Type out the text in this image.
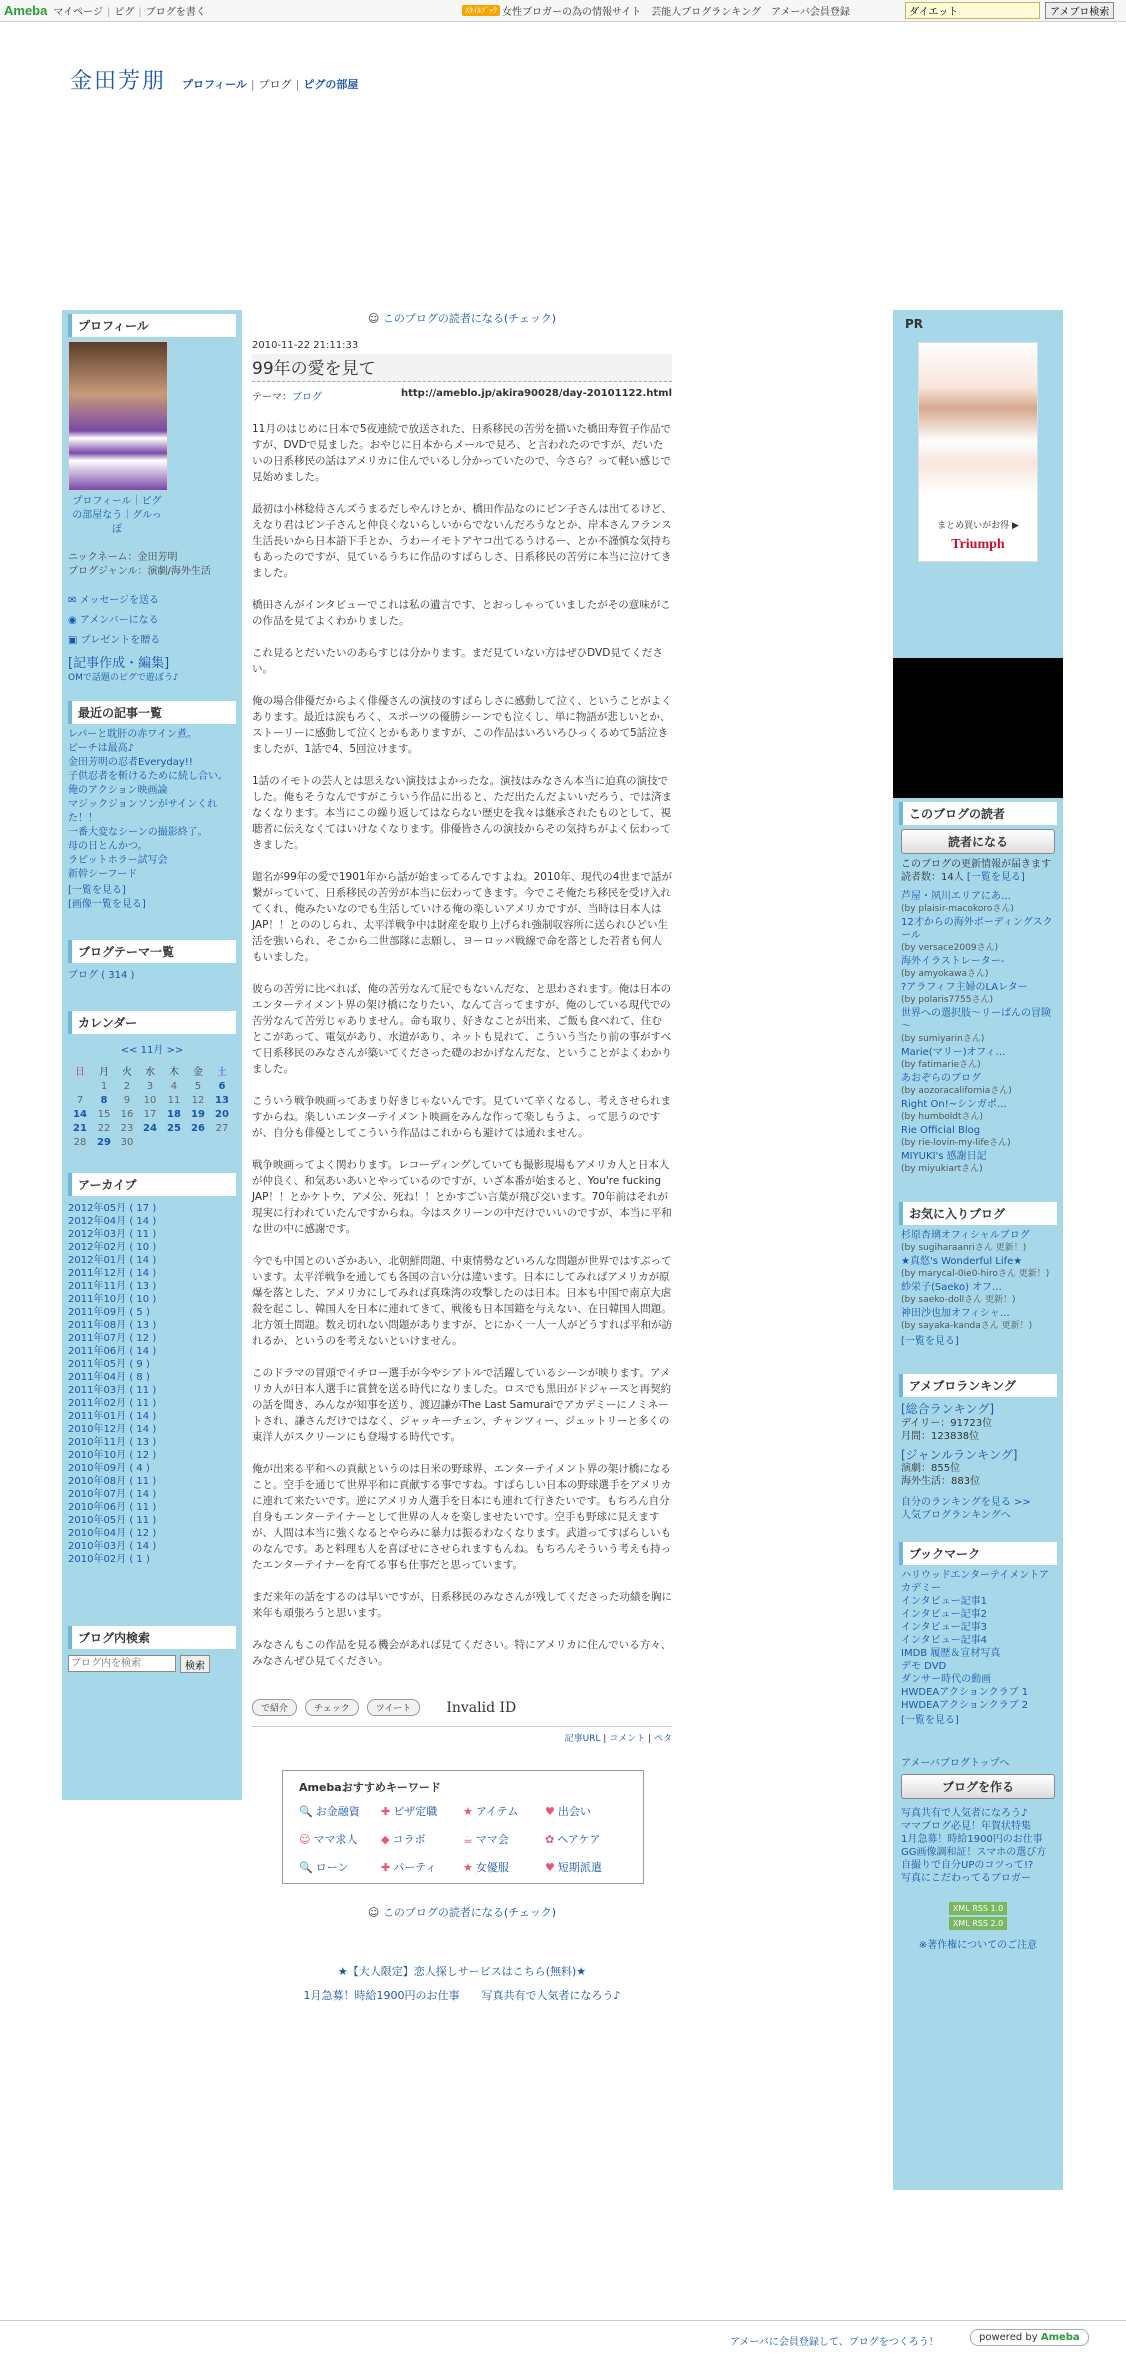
Ameba マイページ | ピグ | ブログを書く	ｽﾀｲﾙﾌﾞｯｸ 女性ブロガーの為の情報サイト 芸能人ブログランキング アメーバ会員登録
ダイエット	アメブロ検索
金田芳朋 プロフィール | ブログ | ピグの部屋
プロフィール
プロフィール｜ピグの部屋なう｜グルっぽ
ニックネーム：金田芳明
ブログジャンル：演劇/海外生活
✉ メッセージを送る
◉ アメンバーになる
▣ プレゼントを贈る
[記事作成・編集]
OMで話題のピグで遊ぼう♪
最近の記事一覧
レパーと耽肝の赤ワイン煮。
ビーチは最高♪
金田芳明の忍者Everyday!!
子供忍者を斬けるために続し合い。
俺のアクション映画論
マジックジョンソンがサインくれた！！
一番大変なシーンの撮影終了。
母の日とんかつ。
ラピットホラー試写会
新幹シーフード
[一覧を見る]
[画像一覧を見る]
ブログテーマ一覧
ブログ ( 314 )
カレンダー
<< 11月 >>
日	月	火	水	木	金	土
	1	2	3	4	5	6
7	8	9	10	11	12	13
14	15	16	17	18	19	20
21	22	23	24	25	26	27
28	29	30				
アーカイブ
2012年05月 ( 17 )
2012年04月 ( 14 )
2012年03月 ( 11 )
2012年02月 ( 10 )
2012年01月 ( 14 )
2011年12月 ( 14 )
2011年11月 ( 13 )
2011年10月 ( 10 )
2011年09月 ( 5 )
2011年08月 ( 13 )
2011年07月 ( 12 )
2011年06月 ( 14 )
2011年05月 ( 9 )
2011年04月 ( 8 )
2011年03月 ( 11 )
2011年02月 ( 11 )
2011年01月 ( 14 )
2010年12月 ( 14 )
2010年11月 ( 13 )
2010年10月 ( 12 )
2010年09月 ( 4 )
2010年08月 ( 11 )
2010年07月 ( 14 )
2010年06月 ( 11 )
2010年05月 ( 11 )
2010年04月 ( 12 )
2010年03月 ( 14 )
2010年02月 ( 1 )
ブログ内検索
ブログ内を検索
検索
☺ このブログの読者になる(チェック)
2010-11-22 21:11:33
99年の愛を見て
テーマ：ブログ	http://ameblo.jp/akira90028/day-20101122.html

11月のはじめに日本で5夜連続で放送された、日系移民の苦労を描いた橋田寿賀子作品ですが、DVDで見ました。おやじに日本からメールで見ろ、と言われたのですが、だいたいの日系移民の話はアメリカに住んでいるし分かっていたので、今さら？って軽い感じで見始めました。

最初は小林稔侍さんズうまるだしやんけとか、橋田作品なのにピン子さんは出てるけど、えなり君はピン子さんと仲良くないらしいからでないんだろうなとか、岸本さんフランス生活長いから日本語下手とか、うわーイモトアヤコ出てるうけるー、とか不謹慎な気持ちもあったのですが、見ているうちに作品のすばらしさ、日系移民の苦労に本当に泣けてきました。

橋田さんがインタビューでこれは私の遺言です、とおっしゃっていましたがその意味がこの作品を見てよくわかりました。

これ見るとだいたいのあらすじは分かります。まだ見ていない方はぜひDVD見てください。

俺の場合俳優だからよく俳優さんの演技のすばらしさに感動して泣く、ということがよくあります。最近は涙もろく、スポーツの優勝シーンでも泣くし、単に物語が悲しいとか、ストーリーに感動して泣くとかもありますが、この作品はいろいろひっくるめて5話泣きましたが、1話で4、5回泣けます。

1話のイモトの芸人とは思えない演技はよかったな。演技はみなさん本当に迫真の演技でした。俺もそうなんですがこういう作品に出ると、ただ出たんだよいいだろう、では済まなくなります。本当にこの繰り返してはならない歴史を我々は継承されたものとして、視聴者に伝えなくてはいけなくなります。俳優皆さんの演技からその気持ちがよく伝わってきました。

題名が99年の愛で1901年から話が始まってるんですよね。2010年、現代の4世まで話が繋がっていて、日系移民の苦労が本当に伝わってきます。今でこそ俺たち移民を受け入れてくれ、俺みたいなのでも生活していける俺の楽しいアメリカですが、当時は日本人はJAP！！とののしられ、太平洋戦争中は財産を取り上げられ強制収容所に送られひどい生活を強いられ、そこから二世部隊に志願し、ヨーロッパ戦線で命を落とした若者も何人もいました。

彼らの苦労に比べれば、俺の苦労なんて屁でもないんだな、と思わされます。俺は日本のエンターテイメント界の架け橋になりたい、なんて言ってますが、俺のしている現代での苦労なんて苦労じゃありません。命も取り、好きなことが出来、ご飯も食べれて、住むとこがあって、電気があり、水道があり、ネットも見れて、こういう当たり前の事がすべて日系移民のみなさんが築いてくださった礎のおかげなんだな、ということがよくわかりました。

こういう戦争映画ってあまり好きじゃないんです。見ていて辛くなるし、考えさせられますからね。楽しいエンターテイメント映画をみんな作って楽しもうよ、って思うのですが、自分も俳優としてこういう作品はこれからも避けては通れません。

戦争映画ってよく関わります。レコーディングしていても撮影現場もアメリカ人と日本人が仲良く、和気あいあいとやっているのですが、いざ本番が始まると、You're fucking JAP！！とかケトウ、アメ公、死ね！！とかすごい言葉が飛び交います。70年前はそれが現実に行われていたんですからね。今はスクリーンの中だけでいいのですが、本当に平和な世の中に感謝です。

今でも中国とのいざかあい、北朝鮮問題、中東情勢などいろんな問題が世界ではすぶっています。太平洋戦争を通しても各国の言い分は違います。日本にしてみればアメリカが原爆を落とした、アメリカにしてみれば真珠湾の攻撃したのは日本。日本も中国で南京大虐殺を起こし、韓国人を日本に連れてきて、戦後も日本国籍を与えない、在日韓国人問題。北方領土問題。数え切れない問題がありますが、とにかく一人一人がどうすれば平和が訪れるか、というのを考えないといけません。

このドラマの冒頭でイチロー選手が今やシアトルで活躍しているシーンが映ります。アメリカ人が日本人選手に賞賛を送る時代になりました。ロスでも黒田がドジャースと再契約の話を聞き、みんなが知事を送り、渡辺謙がThe Last Samuraiでアカデミーにノミネートされ、謙さんだけではなく、ジャッキーチェン、チャンツィー、ジェットリーと多くの東洋人がスクリーンにも登場する時代です。

俺が出来る平和への貢献というのは日米の野球界、エンターテイメント界の架け橋になること。空手を通じて世界平和に貢献する事ですね。すばらしい日本の野球選手をアメリカに連れて来たいです。逆にアメリカ人選手を日本にも連れて行きたいです。もちろん自分自身もエンターテイナーとして世界の人々を楽しませたいです。空手も野球に見えますが、人間は本当に強くなるとやらみに暴力は振るわなくなります。武道ってすばらしいものなんです。あと料理も人を喜ばせにさせられますもんね。もちろんそういう考えも持ったエンターテイナーを育てる事も仕事だと思っています。

まだ来年の話をするのは早いですが、日系移民のみなさんが残してくださった功績を胸に来年も頑張ろうと思います。

みなさんもこの作品を見る機会があれば見てください。特にアメリカに住んでいる方々、みなさんぜひ見てください。

で紹介	チェック	ツイート	Invalid ID
記事URL | コメント | ペタ
Amebaおすすめキーワード
🔍 お金融資	✚ ビザ定職	★ アイテム	♥ 出会い
☺ ママ求人	◆ コラボ	☕ ママ会	✿ ヘアケア
🔍 ローン	✚ パーティ	★ 女優服	♥ 短期派遣
☺ このブログの読者になる(チェック)
★【大人限定】恋人探しサービスはこちら(無料)★
1月急募！時給1900円のお仕事　　 写真共有で人気者になろう♪
PR
まとめ買いがお得 ▶
Triumph
このブログの読者
読者になる
このブログの更新情報が届きます
読者数：14人 [一覧を見る]
芦屋・夙川エリアにあ…
(by plaisir-macokoroさん)
12才からの海外ボーディングスクール
(by versace2009さん)
海外イラストレーター-
(by amyokawaさん)
?アラフィフ主婦のLAレター
(by polaris7755さん)
世界への選択肢～リーばんの冒険～
(by sumiyarinさん)
Marie(マリー)オフィ…
(by fatimarieさん)
あおぞらのブログ
(by aozoracaliforniaさん)
Right On!~シンガポ…
(by humboldtさん)
Rie Official Blog
(by rie-lovin-my-lifeさん)
MIYUKI's 感謝日記
(by miyukiartさん)
お気に入りブログ
杉原杏璃オフィシャルブログ
(by sugiharaanriさん 更新！)
★真悠's Wonderful Life★
(by marycal-0ie0-hiroさん 更新！)
紗栄子(Saeko) オフ…
(by saeko-dollさん 更新！)
神田沙也加オフィシャ…
(by sayaka-kandaさん 更新！)
[一覧を見る]
アメブロランキング
[総合ランキング]
デイリー：91723位
月間：123838位
[ジャンルランキング]
演劇：855位
海外生活：883位
自分のランキングを見る >>
人気ブログランキングへ
ブックマーク
ハリウッドエンターテイメントアカデミー
インタビュー記事1
インタビュー記事2
インタビュー記事3
インタビュー記事4
IMDB 履歴＆宣材写真
デモ DVD
ダンサー時代の動画
HWDEAアクションクラブ 1
HWDEAアクションクラブ 2
[一覧を見る]
アメーバブログトップへ
ブログを作る
写真共有で人気者になろう♪
ママブログ必見！年賀状特集
1月急募！時給1900円のお仕事
GG画像調和証！スマホの選び方
自撮りで自分UPのコツって!?
写真にこだわってるブロガー
XML RSS 1.0
XML RSS 2.0
※著作権についてのご注意
アメーバに会員登録して、ブログをつくろう！	powered by Ameba
